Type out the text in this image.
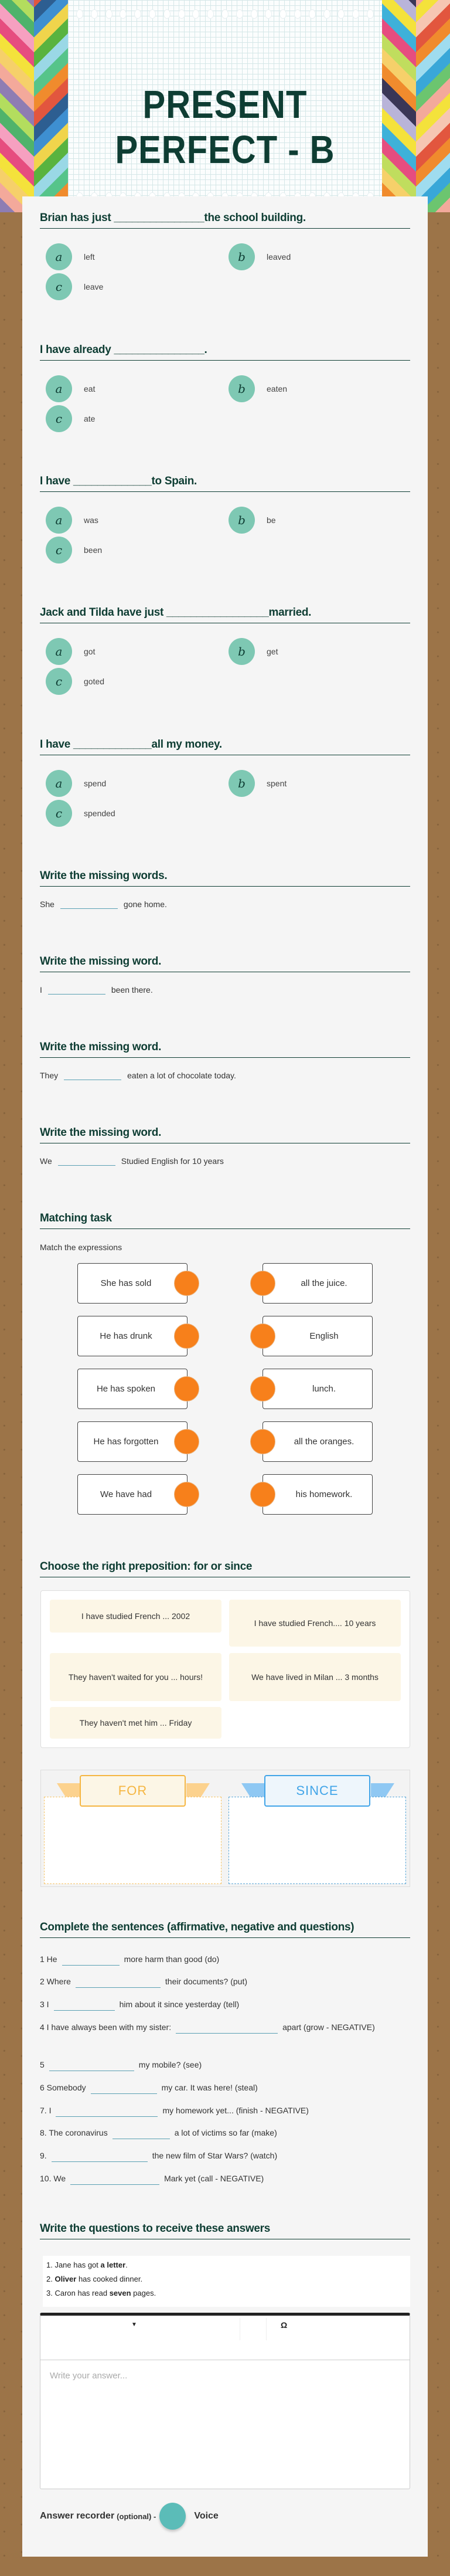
PRESENT PERFECT - B
I have studied French ... 2002
I have studied French.... 10 years
They haven't waited for you ... hours!	We have lived in Milan ... 3 months
They haven't met him ... Friday
FOR	SINCE
Write the questions to receive these answers
1. Jane has got a letter.
2. Oliver has cooked dinner.
3. Caron has read seven pages.
▼	Ω
Write your answer...
Answer recorder (optional) -	Voice
Brian has just _______________the school building.
a	left	b	leaved
c	leave
I have already _______________.
a	eat	b	eaten
c	ate
I have _____________to Spain.
a	was	b	be
c	been
Jack and Tilda have just _________________married.
a	got	b	get
c	goted
I have _____________all my money.
a	spend	b	spent
c	spended
Write the missing words.
She	gone home.
Write the missing word.
I	been there.
Write the missing word.
They	eaten a lot of chocolate today.
Write the missing word.
We	Studied English for 10 years
Matching task
Match the expressions
She has sold	all the juice.
He has drunk	English
He has spoken	lunch.
He has forgotten	all the oranges.
We have had	his homework.
Choose the right preposition: for or since
Complete the sentences (affirmative, negative and questions)
1 He	more harm than good (do)
2 Where	their documents? (put)
3 I	him about it since yesterday (tell)
4 I have always been with my sister:	apart (grow - NEGATIVE)
5	my mobile? (see)
6 Somebody	my car. It was here! (steal)
7. I	my homework yet... (finish - NEGATIVE)
8. The coronavirus	a lot of victims so far (make)
9.	the new film of Star Wars? (watch)
10. We	Mark yet (call - NEGATIVE)
